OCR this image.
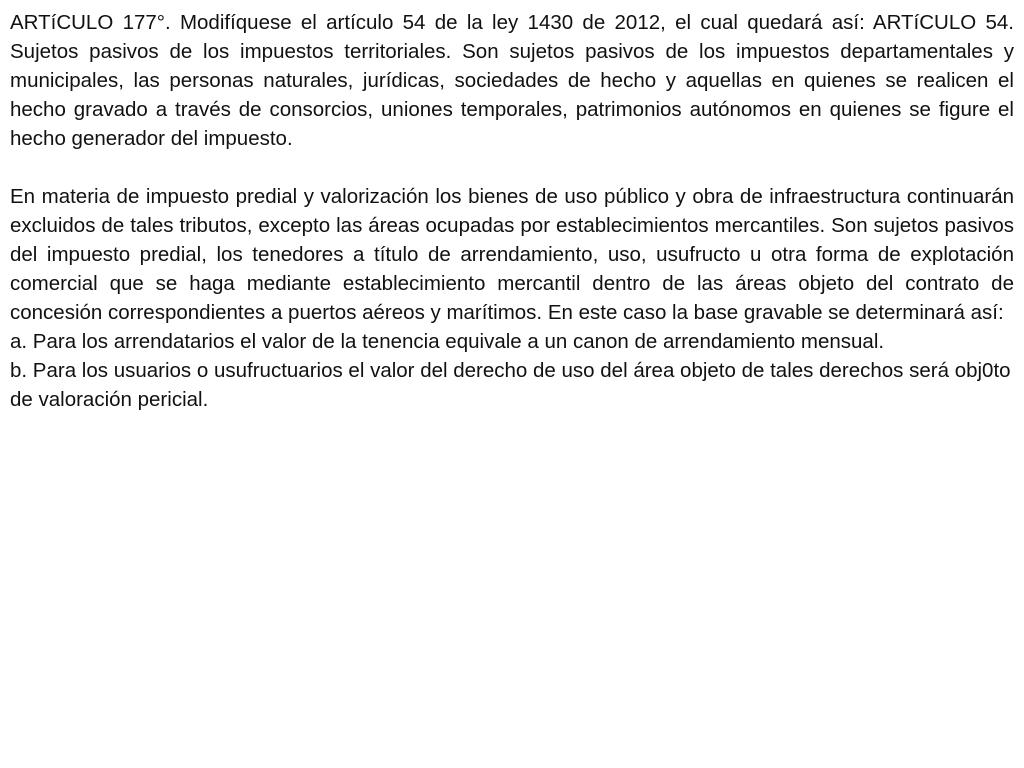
ARTíCULO 177°. Modifíquese el artículo 54 de la ley 1430 de 2012, el cual quedará así: ARTíCULO 54. Sujetos pasivos de los impuestos territoriales. Son sujetos pasivos de los impuestos departamentales y municipales, las personas naturales, jurídicas, sociedades de hecho y aquellas en quienes se realicen el hecho gravado a través de consorcios, uniones temporales, patrimonios autónomos en quienes se figure el hecho generador del impuesto.

En materia de impuesto predial y valorización los bienes de uso público y obra de infraestructura continuarán excluidos de tales tributos, excepto las áreas ocupadas por establecimientos mercantiles. Son sujetos pasivos del impuesto predial, los tenedores a título de arrendamiento, uso, usufructo u otra forma de explotación comercial que se haga mediante establecimiento mercantil dentro de las áreas objeto del contrato de concesión correspondientes a puertos aéreos y marítimos. En este caso la base gravable se determinará así:

a. Para los arrendatarios el valor de la tenencia equivale a un canon de arrendamiento mensual.

b. Para los usuarios o usufructuarios el valor del derecho de uso del área objeto de tales derechos será obj0to de valoración pericial.
